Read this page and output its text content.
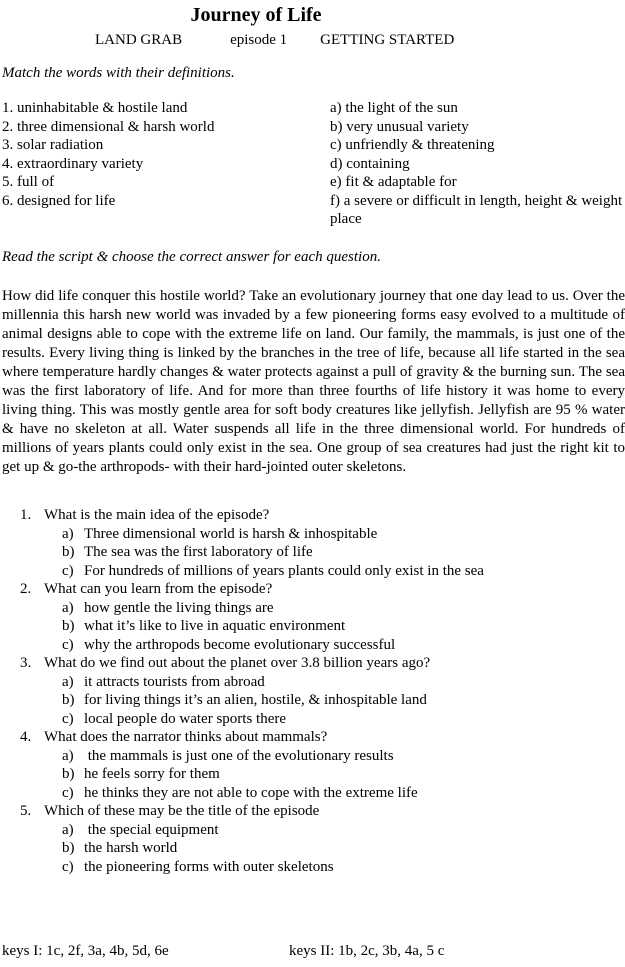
Journey of Life
LAND GRAB	episode 1 GETTING STARTED

Match the words with their definitions.

1. uninhabitable & hostile land	a) the light of the sun
2. three dimensional & harsh world	b) very unusual variety
3. solar radiation	c) unfriendly & threatening
4. extraordinary variety	d) containing
5. full of	e) fit & adaptable for
6. designed for life	f) a severe or difficult in length, height & weight place

Read the script & choose the correct answer for each question.

How did life conquer this hostile world? Take an evolutionary journey that one day lead to us. Over the millennia this harsh new world was invaded by a few pioneering forms easy evolved to a multitude of animal designs able to cope with the extreme life on land. Our family, the mammals, is just one of the results. Every living thing is linked by the branches in the tree of life, because all life started in the sea where temperature hardly changes & water protects against a pull of gravity & the burning sun. The sea was the first laboratory of life. And for more than three fourths of life history it was home to every living thing. This was mostly gentle area for soft body creatures like jellyfish. Jellyfish are 95 % water & have no skeleton at all. Water suspends all life in the three dimensional world. For hundreds of millions of years plants could only exist in the sea. One group of sea creatures had just the right kit to get up & go-the arthropods- with their hard-jointed outer skeletons.

1. What is the main idea of the episode?
a) Three dimensional world is harsh & inhospitable
b) The sea was the first laboratory of life
c) For hundreds of millions of years plants could only exist in the sea
2. What can you learn from the episode?
a) how gentle the living things are
b) what it’s like to live in aquatic environment
c) why the arthropods become evolutionary successful
3. What do we find out about the planet over 3.8 billion years ago?
a) it attracts tourists from abroad
b) for living things it’s an alien, hostile, & inhospitable land
c) local people do water sports there
4. What does the narrator thinks about mammals?
a) the mammals is just one of the evolutionary results
b) he feels sorry for them
c) he thinks they are not able to cope with the extreme life
5. Which of these may be the title of the episode
a) the special equipment
b) the harsh world
c) the pioneering forms with outer skeletons
keys I: 1c, 2f, 3a, 4b, 5d, 6e	keys II: 1b, 2c, 3b, 4a, 5 c
